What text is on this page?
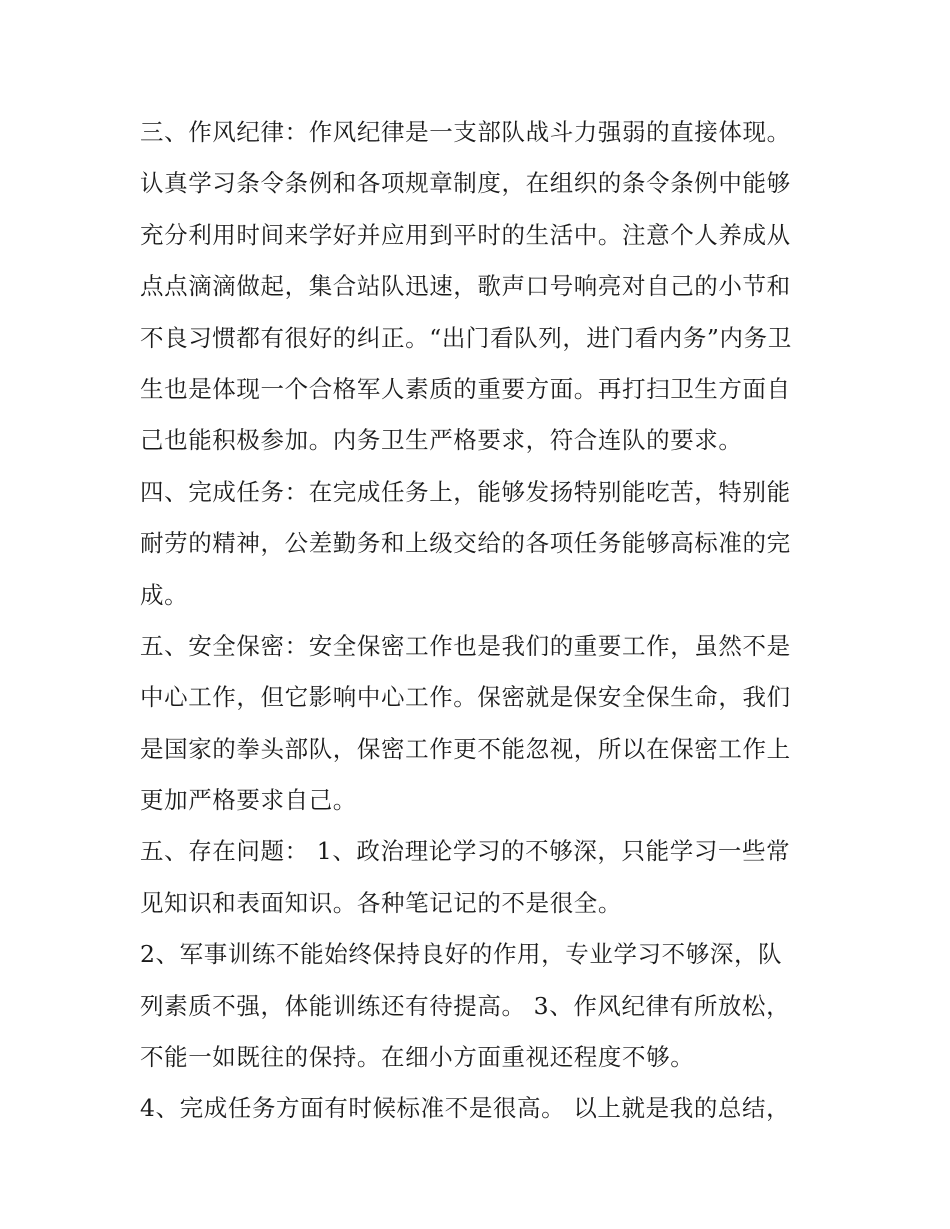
三、作风纪律：作风纪律是一支部队战斗力强弱的直接体现。
认真学习条令条例和各项规章制度，在组织的条令条例中能够
充分利用时间来学好并应用到平时的生活中。注意个人养成从
点点滴滴做起，集合站队迅速，歌声口号响亮对自己的小节和
不良习惯都有很好的纠正。“出门看队列，进门看内务”内务卫
生也是体现一个合格军人素质的重要方面。再打扫卫生方面自
己也能积极参加。内务卫生严格要求，符合连队的要求。
四、完成任务：在完成任务上，能够发扬特别能吃苦，特别能
耐劳的精神，公差勤务和上级交给的各项任务能够高标准的完
成。
五、安全保密：安全保密工作也是我们的重要工作，虽然不是
中心工作，但它影响中心工作。保密就是保安全保生命，我们
是国家的拳头部队，保密工作更不能忽视，所以在保密工作上
更加严格要求自己。
五、存在问题： 1、政治理论学习的不够深，只能学习一些常
见知识和表面知识。各种笔记记的不是很全。
2、军事训练不能始终保持良好的作用，专业学习不够深，队
列素质不强，体能训练还有待提高。 3、作风纪律有所放松，
不能一如既往的保持。在细小方面重视还程度不够。
4、完成任务方面有时候标准不是很高。 以上就是我的总结，
